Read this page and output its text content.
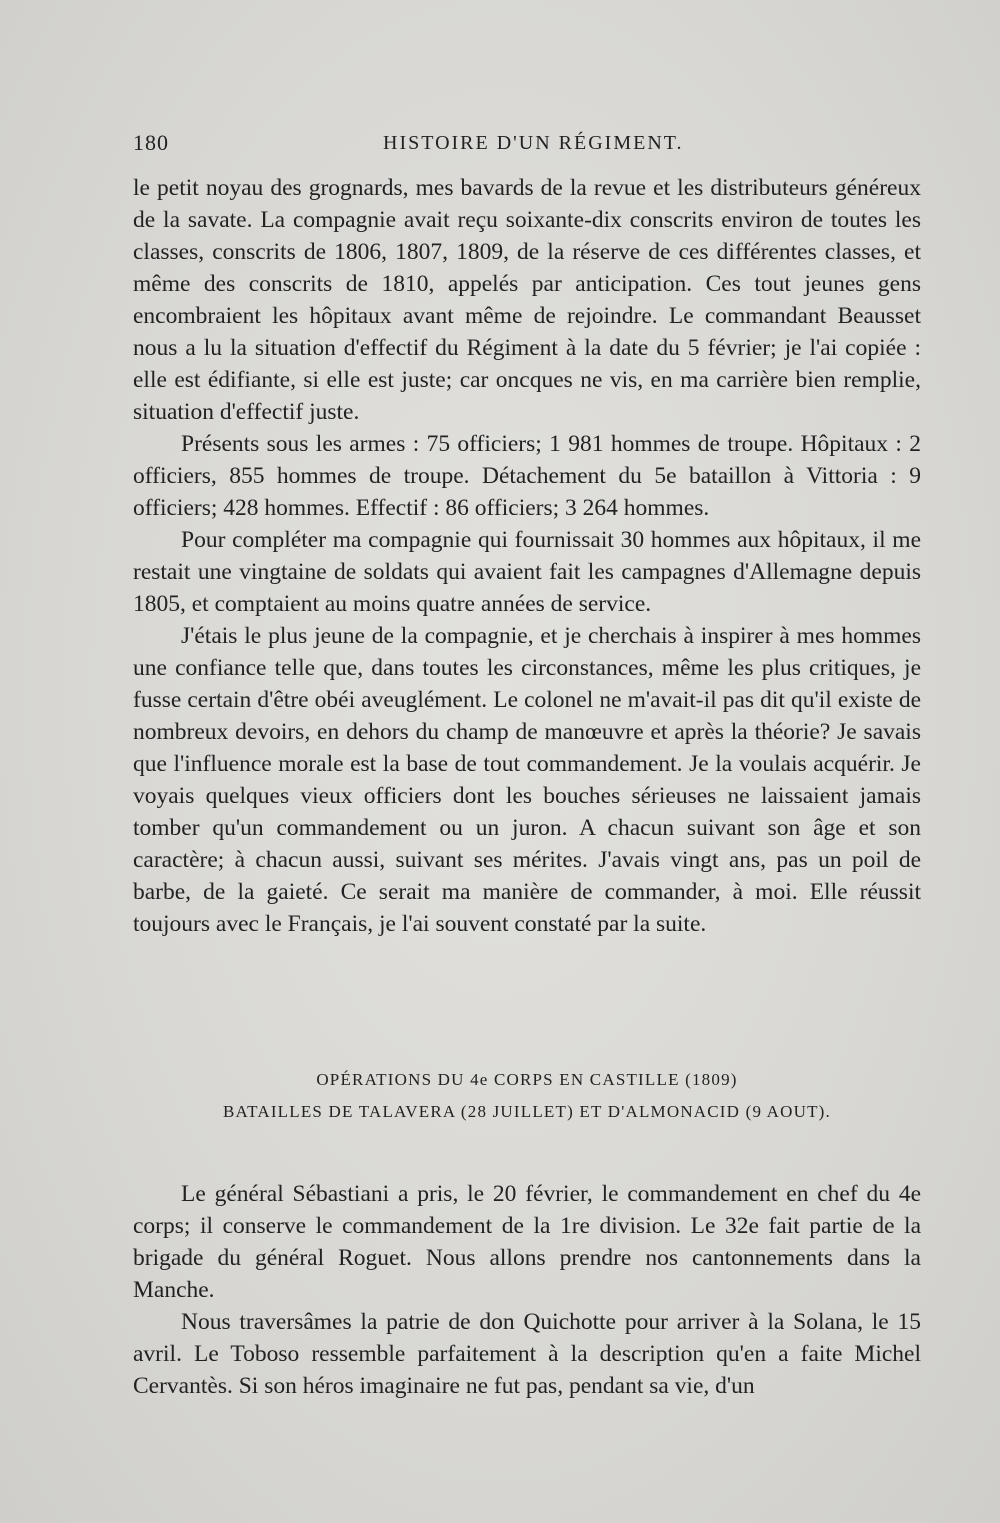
180	HISTOIRE D'UN RÉGIMENT.

le petit noyau des grognards, mes bavards de la revue et les distributeurs généreux de la savate. La compagnie avait reçu soixante-dix conscrits environ de toutes les classes, conscrits de 1806, 1807, 1809, de la réserve de ces différentes classes, et même des conscrits de 1810, appelés par anticipation. Ces tout jeunes gens encombraient les hôpitaux avant même de rejoindre. Le commandant Beausset nous a lu la situation d'effectif du Régiment à la date du 5 février; je l'ai copiée : elle est édifiante, si elle est juste; car oncques ne vis, en ma carrière bien remplie, situation d'effectif juste.

Présents sous les armes : 75 officiers; 1 981 hommes de troupe. Hôpitaux : 2 officiers, 855 hommes de troupe. Détachement du 5e bataillon à Vittoria : 9 officiers; 428 hommes. Effectif : 86 officiers; 3 264 hommes.

Pour compléter ma compagnie qui fournissait 30 hommes aux hôpitaux, il me restait une vingtaine de soldats qui avaient fait les campagnes d'Allemagne depuis 1805, et comptaient au moins quatre années de service.

J'étais le plus jeune de la compagnie, et je cherchais à inspirer à mes hommes une confiance telle que, dans toutes les circonstances, même les plus critiques, je fusse certain d'être obéi aveuglément. Le colonel ne m'avait-il pas dit qu'il existe de nombreux devoirs, en dehors du champ de manœuvre et après la théorie? Je savais que l'influence morale est la base de tout commandement. Je la voulais acquérir. Je voyais quelques vieux officiers dont les bouches sérieuses ne laissaient jamais tomber qu'un commandement ou un juron. A chacun suivant son âge et son caractère; à chacun aussi, suivant ses mérites. J'avais vingt ans, pas un poil de barbe, de la gaieté. Ce serait ma manière de commander, à moi. Elle réussit toujours avec le Français, je l'ai souvent constaté par la suite.

OPÉRATIONS DU 4e CORPS EN CASTILLE (1809)
BATAILLES DE TALAVERA (28 JUILLET) ET D'ALMONACID (9 AOUT).

Le général Sébastiani a pris, le 20 février, le commandement en chef du 4e corps; il conserve le commandement de la 1re division. Le 32e fait partie de la brigade du général Roguet. Nous allons prendre nos cantonnements dans la Manche.

Nous traversâmes la patrie de don Quichotte pour arriver à la Solana, le 15 avril. Le Toboso ressemble parfaitement à la description qu'en a faite Michel Cervantès. Si son héros imaginaire ne fut pas, pendant sa vie, d'un
